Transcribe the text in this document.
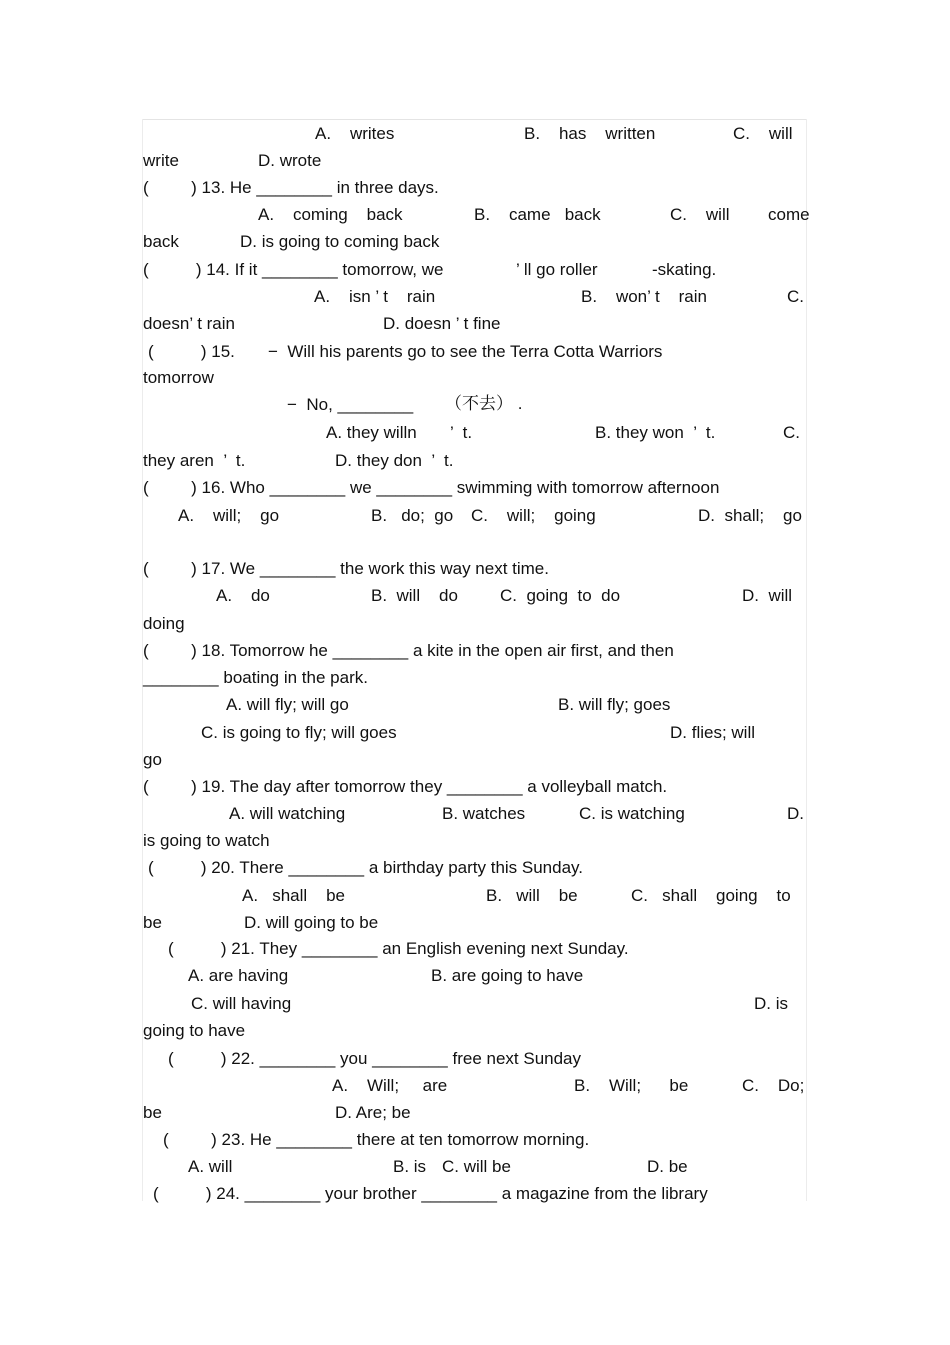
A.    writes	B.    has    written	C.    will
write	D. wrote
(         ) 13. He ________ in three days.
A.    coming    back	B.    came   back	C.    will come
back	D. is going to coming back
(          ) 14. If it ________ tomorrow, we	’ ll go roller	-skating.
A.    isn ’ t    rain	B.    won’ t    rain	C.
doesn’ t rain	D. doesn ’ t fine
(          ) 15.       −  Will his parents go to see the Terra Cotta Warriors
tomorrow
−  No, ________ （不去） .
A. they willn ’  t.	B. they won  ’  t.	C.
they aren  ’  t.	D. they don  ’  t.
(         ) 16. Who ________ we ________ swimming with tomorrow afternoon
A.    will;    go	B.   do;  go C.    will;    going	D.  shall;    go
(         ) 17. We ________ the work this way next time.
A.    do	B.  will    do C.  going  to  do	D.  will
doing
(         ) 18. Tomorrow he ________ a kite in the open air first, and then
________ boating in the park.
A. will fly; will go	B. will fly; goes
C. is going to fly; will goes	D. flies; will
go
(         ) 19. The day after tomorrow they ________ a volleyball match.
A. will watching	B. watches	C. is watching	D.
is going to watch
(          ) 20. There ________ a birthday party this Sunday.
A.   shall    be	B.   will    be	C.   shall    going    to
be	D. will going to be
(          ) 21. They ________ an English evening next Sunday.
A. are having	B. are going to have
C. will having	D. is
going to have
(          ) 22. ________ you ________ free next Sunday
A.    Will;     are	B.    Will;      be	C.    Do;
be	D. Are; be
(         ) 23. He ________ there at ten tomorrow morning.
A. will	B. is C. will be	D. be
(          ) 24. ________ your brother ________ a magazine from the library
